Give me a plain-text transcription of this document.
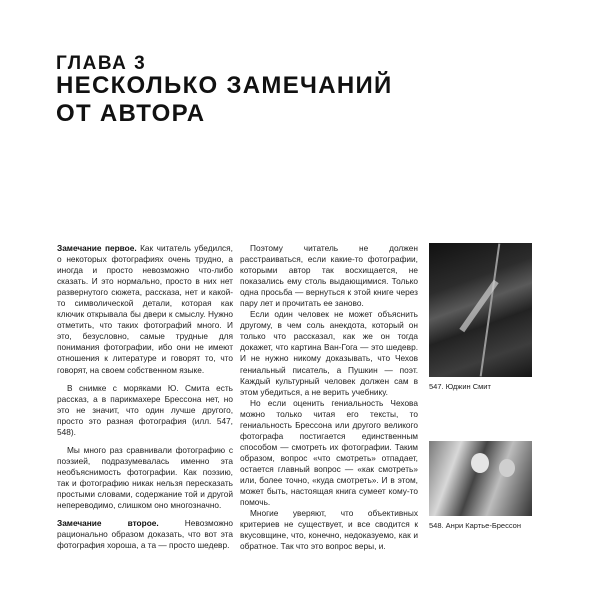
ГЛАВА 3
НЕСКОЛЬКО ЗАМЕЧАНИЙ
ОТ АВТОРА

Замечание первое. Как читатель убедился, о некоторых фотографиях очень трудно, а иногда и просто невозможно что-либо сказать. И это нормально, просто в них нет развернутого сюжета, рассказа, нет и какой-то символической детали, которая как ключик открывала бы двери к смыслу. Нужно отметить, что таких фотографий много. И это, безусловно, самые трудные для понимания фотографии, ибо они не имеют отношения к литературе и говорят то, что говорят, на своем собственном языке.

В снимке с моряками Ю. Смита есть рассказ, а в парикмахере Брессона нет, но это не значит, что один лучше другого, просто это разная фотография (илл. 547, 548).

Мы много раз сравнивали фотографию с поэзией, подразумевалась именно эта необъяснимость фотографии. Как поэзию, так и фотографию никак нельзя пересказать простыми словами, содержание той и другой непереводимо, слишком оно многозначно.

Замечание второе. Невозможно рационально образом доказать, что вот эта фотография хороша, а та — просто шедевр.

Поэтому читатель не должен расстраиваться, если какие-то фотографии, которыми автор так восхищается, не показались ему столь выдающимися. Только одна просьба — вернуться к этой книге через пару лет и прочитать ее заново.

Если один человек не может объяснить другому, в чем соль анекдота, который он только что рассказал, как же он тогда докажет, что картина Ван-Гога — это шедевр. И не нужно никому доказывать, что Чехов гениальный писатель, а Пушкин — поэт. Каждый культурный человек должен сам в этом убедиться, а не верить учебнику.

Но если оценить гениальность Чехова можно только читая его тексты, то гениальность Брессона или другого великого фотографа постигается единственным способом — смотреть их фотографии. Таким образом, вопрос «что смотреть» отпадает, остается главный вопрос — «как смотреть» или, более точно, «куда смотреть». И в этом, может быть, настоящая книга сумеет кому-то помочь.

Многие уверяют, что объективных критериев не существует, и все сводится к вкусовщине, что, конечно, недоказуемо, как и обратное. Так что это вопрос веры, и.

547. Юджин Смит
548. Анри Картье-Брессон
